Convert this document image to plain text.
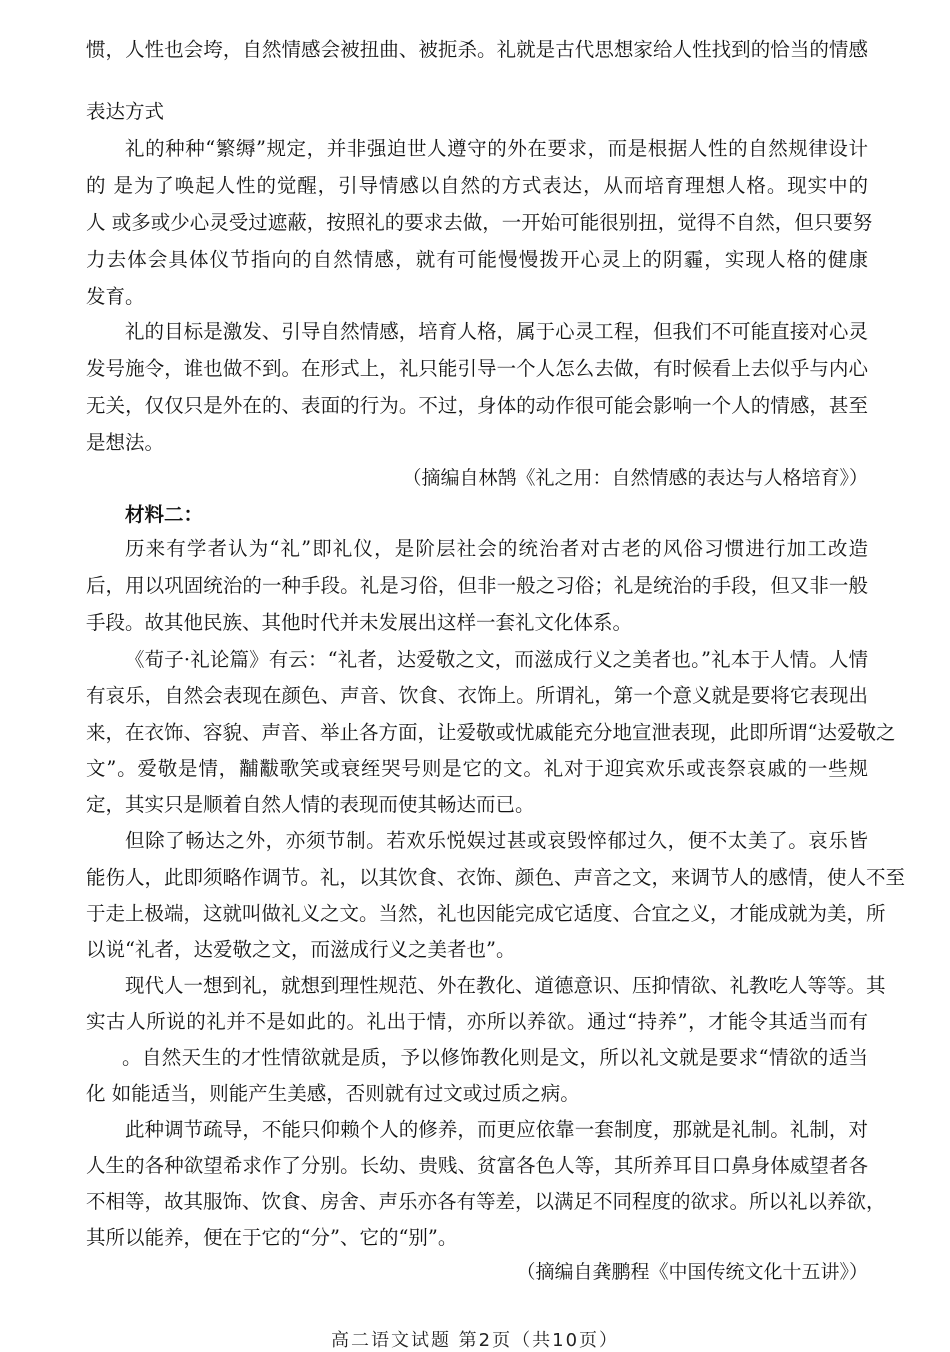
惯，人性也会垮，自然情感会被扭曲、被扼杀。礼就是古代思想家给人性找到的恰当的情感
表达方式
礼的种种“繁缛”规定，并非强迫世人遵守的外在要求，而是根据人性的自然规律设计
的 是为了唤起人性的觉醒，引导情感以自然的方式表达，从而培育理想人格。现实中的
人 或多或少心灵受过遮蔽，按照礼的要求去做，一开始可能很别扭，觉得不自然，但只要努
力去体会具体仪节指向的自然情感，就有可能慢慢拨开心灵上的阴霾，实现人格的健康
发育。
礼的目标是激发、引导自然情感，培育人格，属于心灵工程，但我们不可能直接对心灵
发号施令，谁也做不到。在形式上，礼只能引导一个人怎么去做，有时候看上去似乎与内心
无关，仅仅只是外在的、表面的行为。不过，身体的动作很可能会影响一个人的情感，甚至
是想法。
（摘编自林鹄《礼之用：自然情感的表达与人格培育》）
材料二：
历来有学者认为“礼”即礼仪，是阶层社会的统治者对古老的风俗习惯进行加工改造
后，用以巩固统治的一种手段。礼是习俗，但非一般之习俗；礼是统治的手段，但又非一般
手段。故其他民族、其他时代并未发展出这样一套礼文化体系。
《荀子·礼论篇》有云：“礼者，达爱敬之文，而滋成行义之美者也。”礼本于人情。人情
有哀乐，自然会表现在颜色、声音、饮食、衣饰上。所谓礼，第一个意义就是要将它表现出
来，在衣饰、容貌、声音、举止各方面，让爱敬或忧戚能充分地宣泄表现，此即所谓“达爱敬之
文”。爱敬是情，黼黻歌笑或衰绖哭号则是它的文。礼对于迎宾欢乐或丧祭哀戚的一些规
定，其实只是顺着自然人情的表现而使其畅达而已。
但除了畅达之外，亦须节制。若欢乐悦娱过甚或哀毁悴郁过久，便不太美了。哀乐皆
能伤人，此即须略作调节。礼，以其饮食、衣饰、颜色、声音之文，来调节人的感情，使人不至
于走上极端，这就叫做礼义之文。当然，礼也因能完成它适度、合宜之义，才能成就为美，所
以说“礼者，达爱敬之文，而滋成行义之美者也”。
现代人一想到礼，就想到理性规范、外在教化、道德意识、压抑情欲、礼教吃人等等。其
实古人所说的礼并不是如此的。礼出于情，亦所以养欲。通过“持养”，才能令其适当而有
。自然天生的才性情欲就是质，予以修饰教化则是文，所以礼文就是要求“情欲的适当
化 如能适当，则能产生美感，否则就有过文或过质之病。
此种调节疏导，不能只仰赖个人的修养，而更应依靠一套制度，那就是礼制。礼制，对
人生的各种欲望希求作了分别。长幼、贵贱、贫富各色人等，其所养耳目口鼻身体威望者各
不相等，故其服饰、饮食、房舍、声乐亦各有等差，以满足不同程度的欲求。所以礼以养欲，
其所以能养，便在于它的“分”、它的“别”。
（摘编自龚鹏程《中国传统文化十五讲》）
高二语文试题 第2页（共10页）
